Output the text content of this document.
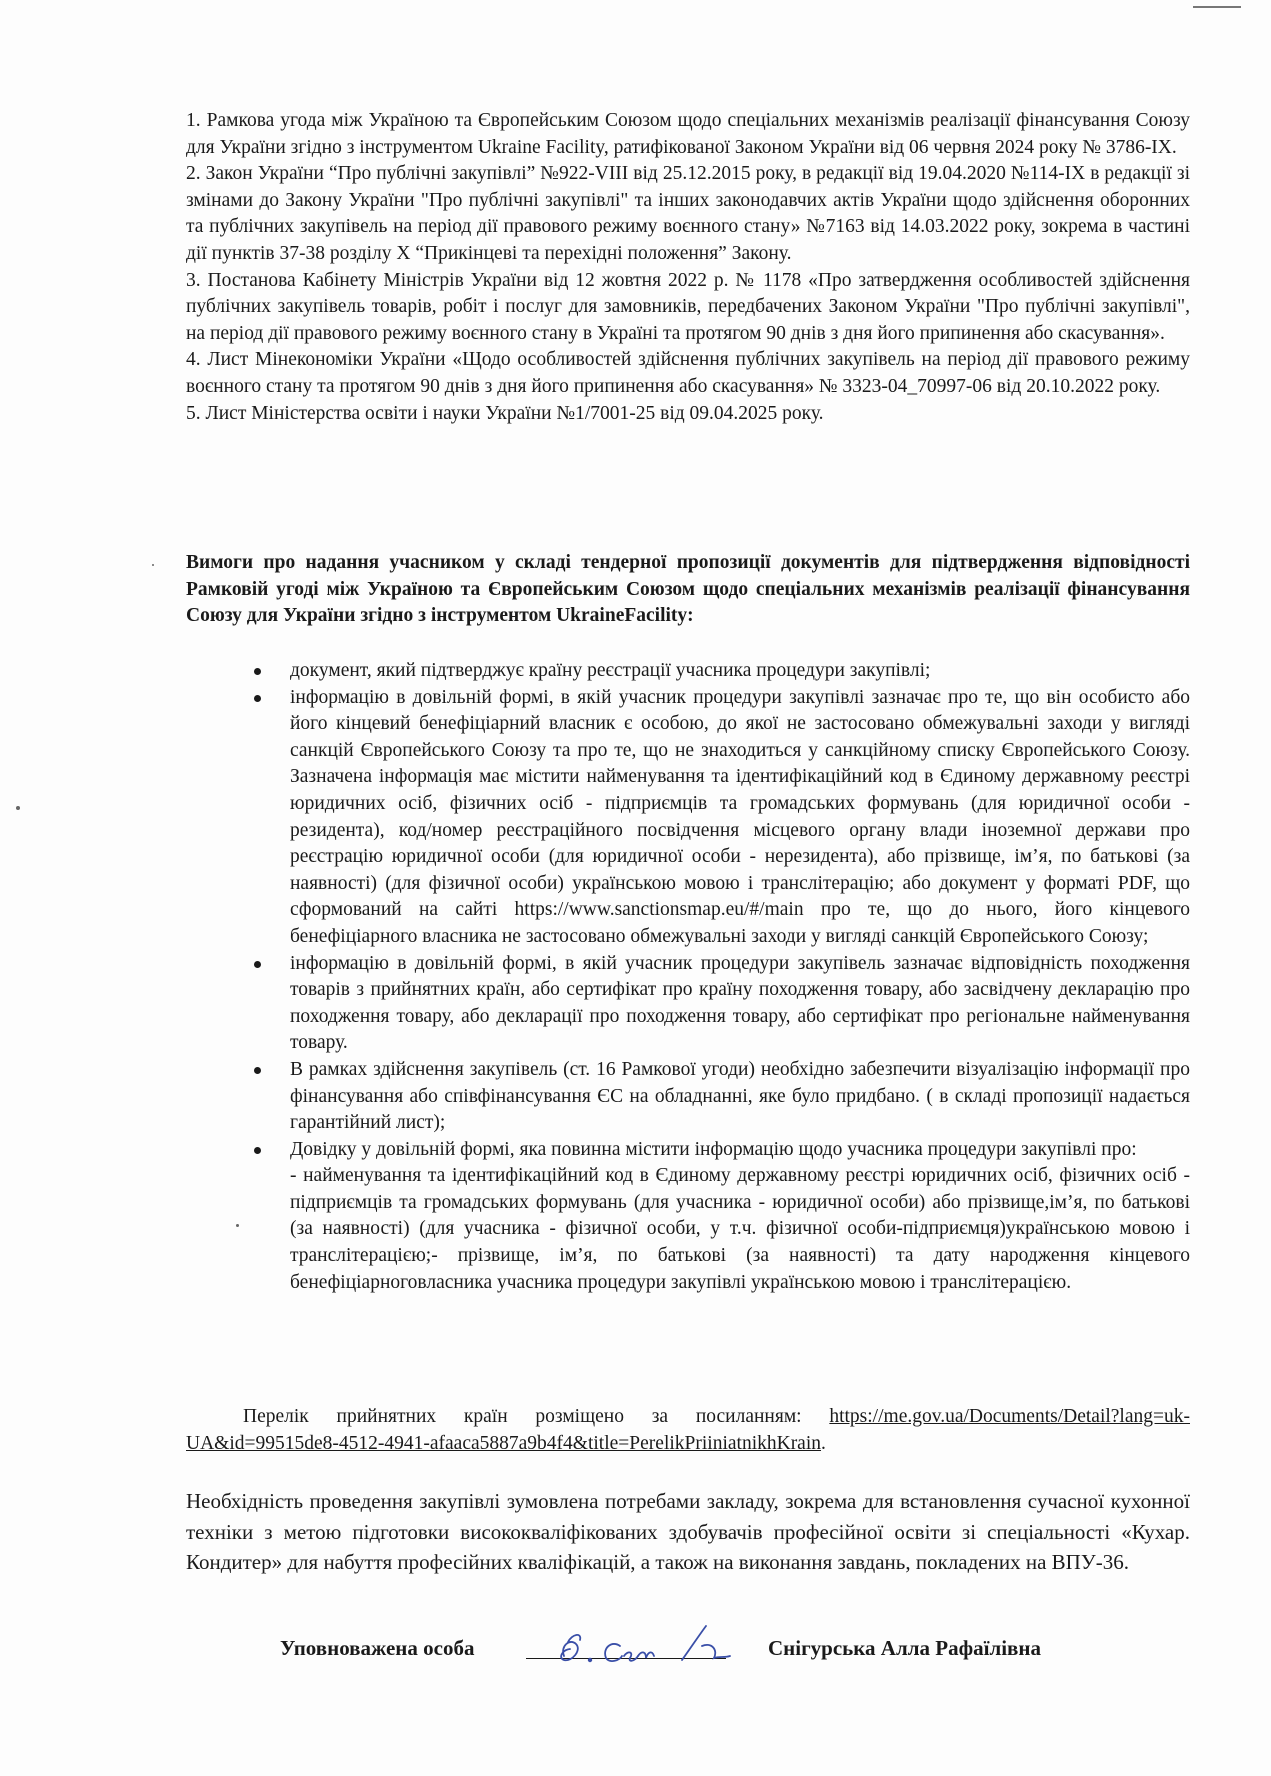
1. Рамкова угода між Україною та Європейським Союзом щодо спеціальних механізмів реалізації фінансування Союзу для України згідно з інструментом Ukraine Facility, ратифікованої Законом України від 06 червня 2024 року № 3786-IX.
2. Закон України “Про публічні закупівлі” №922-VIII від 25.12.2015 року, в редакції від 19.04.2020 №114-IX в редакції зі змінами до Закону України "Про публічні закупівлі" та інших законодавчих актів України щодо здійснення оборонних та публічних закупівель на період дії правового режиму воєнного стану» №7163 від 14.03.2022 року, зокрема в частині дії пунктів 37-38 розділу X “Прикінцеві та перехідні положення” Закону.
3. Постанова Кабінету Міністрів України від 12 жовтня 2022 р. № 1178 «Про затвердження особливостей здійснення публічних закупівель товарів, робіт і послуг для замовників, передбачених Законом України "Про публічні закупівлі", на період дії правового режиму воєнного стану в Україні та протягом 90 днів з дня його припинення або скасування».
4. Лист Мінекономіки України «Щодо особливостей здійснення публічних закупівель на період дії правового режиму воєнного стану та протягом 90 днів з дня його припинення або скасування» № 3323-04_70997-06 від 20.10.2022 року.
5. Лист Міністерства освіти і науки України №1/7001-25 від 09.04.2025 року.

Вимоги про надання учасником у складі тендерної пропозиції документів для підтвердження відповідності Рамковій угоді між Україною та Європейським Союзом щодо спеціальних механізмів реалізації фінансування Союзу для України згідно з інструментом UkraineFacility:

документ, який підтверджує країну реєстрації учасника процедури закупівлі;
інформацію в довільній формі, в якій учасник процедури закупівлі зазначає про те, що він особисто або його кінцевий бенефіціарний власник є особою, до якої не застосовано обмежувальні заходи у вигляді санкцій Європейського Союзу та про те, що не знаходиться у санкційному списку Європейського Союзу. Зазначена інформація має містити найменування та ідентифікаційний код в Єдиному державному реєстрі юридичних осіб, фізичних осіб - підприємців та громадських формувань (для юридичної особи - резидента), код/номер реєстраційного посвідчення місцевого органу влади іноземної держави про реєстрацію юридичної особи (для юридичної особи - нерезидента), або прізвище, ім’я, по батькові (за наявності) (для фізичної особи) українською мовою і транслітерацію; або документ у форматі PDF, що сформований на сайті https://www.sanctionsmap.eu/#/main про те, що до нього, його кінцевого бенефіціарного власника не застосовано обмежувальні заходи у вигляді санкцій Європейського Союзу;
інформацію в довільній формі, в якій учасник процедури закупівель зазначає відповідність походження товарів з прийнятних країн, або сертифікат про країну походження товару, або засвідчену декларацію про походження товару, або декларації про походження товару, або сертифікат про регіональне найменування товару.
В рамках здійснення закупівель (ст. 16 Рамкової угоди) необхідно забезпечити візуалізацію інформації про фінансування або співфінансування ЄС на обладнанні, яке було придбано. ( в складі пропозиції надається гарантійний лист);
Довідку у довільній формі, яка повинна містити інформацію щодо учасника процедури закупівлі про:
- найменування та ідентифікаційний код в Єдиному державному реєстрі юридичних осіб, фізичних осіб - підприємців та громадських формувань (для учасника - юридичної особи) або прізвище,ім’я, по батькові (за наявності) (для учасника - фізичної особи, у т.ч. фізичної особи-підприємця)українською мовою і транслітерацією;- прізвище, ім’я, по батькові (за наявності) та дату народження кінцевого бенефіціарноговласника учасника процедури закупівлі українською мовою і транслітерацією.

Перелік прийнятних країн розміщено за посиланням: https://me.gov.ua/Documents/Detail?lang=uk-UA&id=99515de8-4512-4941-afaaca5887a9b4f4&title=PerelikPriiniatnikhKrain.

Необхідність проведення закупівлі зумовлена потребами закладу, зокрема для встановлення сучасної кухонної техніки з метою підготовки висококваліфікованих здобувачів професійної освіти зі спеціальності «Кухар. Кондитер» для набуття професійних кваліфікацій, а також на виконання завдань, покладених на ВПУ-36.

Уповноважена особа	Снігурська Алла Рафаїлівна
